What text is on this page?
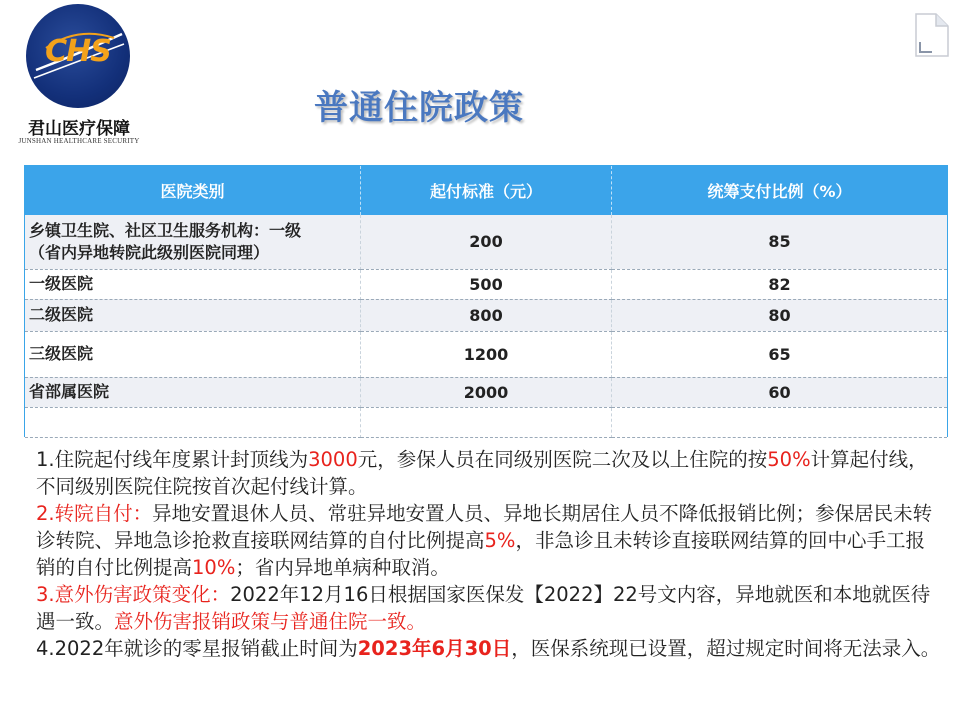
CHS
君山医疗保障
JUNSHAN HEALTHCARE SECURITY
普通住院政策
医院类别	起付标准（元）	统筹支付比例（%）

乡镇卫生院、社区卫生服务机构：一级
（省内异地转院此级别医院同理）	200	85
一级医院	500	82
二级医院	800	80
三级医院	1200	65
省部属医院	2000	60

1.住院起付线年度累计封顶线为3000元，参保人员在同级别医院二次及以上住院的按50%计算起付线，不同级别医院住院按首次起付线计算。

2.转院自付：异地安置退休人员、常驻异地安置人员、异地长期居住人员不降低报销比例；参保居民未转诊转院、异地急诊抢救直接联网结算的自付比例提高5%，非急诊且未转诊直接联网结算的回中心手工报销的自付比例提高10%；省内异地单病种取消。

3.意外伤害政策变化：2022年12月16日根据国家医保发【2022】22号文内容，异地就医和本地就医待遇一致。意外伤害报销政策与普通住院一致。

4.2022年就诊的零星报销截止时间为2023年6月30日，医保系统现已设置，超过规定时间将无法录入。
